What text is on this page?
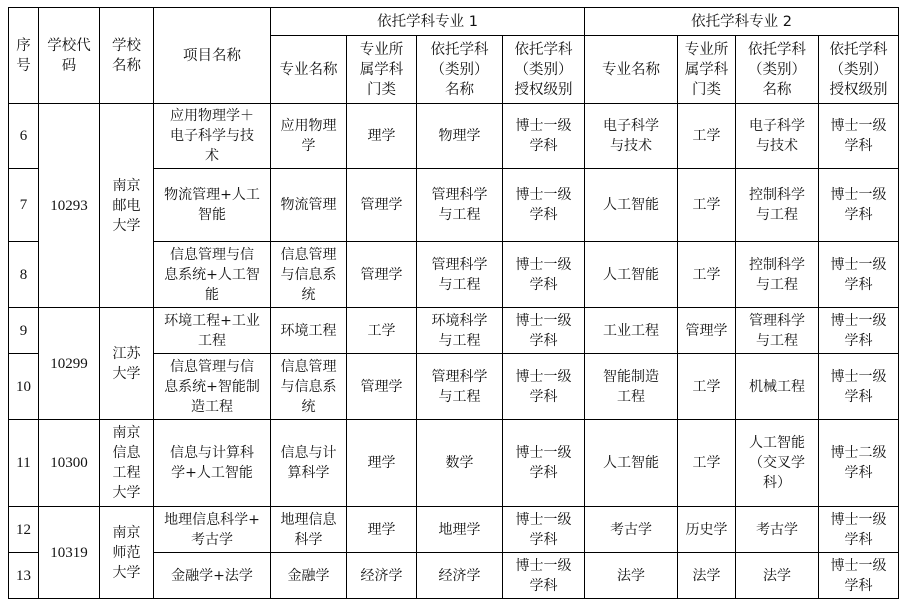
序
号	学校代
码	学校
名称	项目名称	依托学科专业 1				依托学科专业 2			
				专业名称	专业所
属学科
门类	依托学科
（类别）
名称	依托学科
（类别）
授权级别	专业名称	专业所
属学科
门类	依托学科
（类别）
名称	依托学科
（类别）
授权级别
6	10293	南京
邮电
大学	应用物理学＋
电子科学与技
术	应用物理
学	理学	物理学	博士一级
学科	电子科学
与技术	工学	电子科学
与技术	博士一级
学科
7			物流管理+人工
智能	物流管理	管理学	管理科学
与工程	博士一级
学科	人工智能	工学	控制科学
与工程	博士一级
学科
8			信息管理与信
息系统+人工智
能	信息管理
与信息系
统	管理学	管理科学
与工程	博士一级
学科	人工智能	工学	控制科学
与工程	博士一级
学科
9	10299	江苏
大学	环境工程+工业
工程	环境工程	工学	环境科学
与工程	博士一级
学科	工业工程	管理学	管理科学
与工程	博士一级
学科
10			信息管理与信
息系统+智能制
造工程	信息管理
与信息系
统	管理学	管理科学
与工程	博士一级
学科	智能制造
工程	工学	机械工程	博士一级
学科
11	10300	南京
信息
工程
大学	信息与计算科
学+人工智能	信息与计
算科学	理学	数学	博士一级
学科	人工智能	工学	人工智能
（交叉学
科）	博士二级
学科
12	10319	南京
师范
大学	地理信息科学+
考古学	地理信息
科学	理学	地理学	博士一级
学科	考古学	历史学	考古学	博士一级
学科
13			金融学+法学	金融学	经济学	经济学	博士一级
学科	法学	法学	法学	博士一级
学科
